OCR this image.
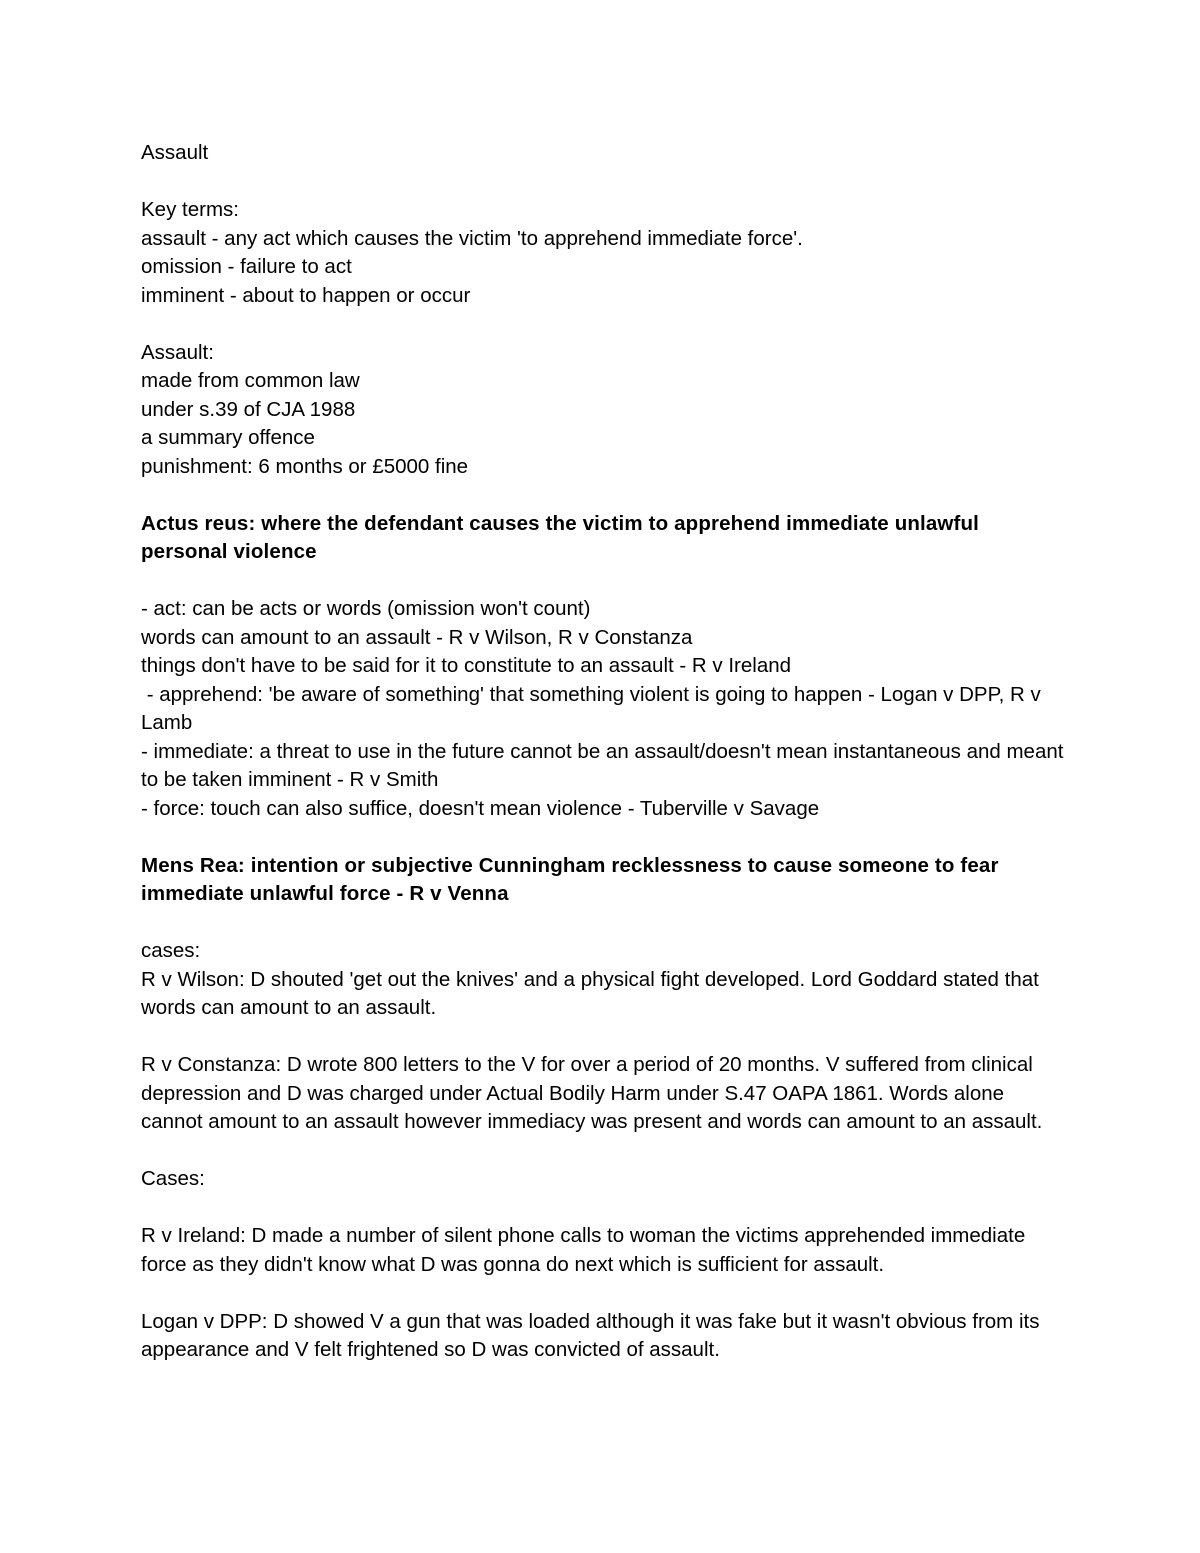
Assault

Key terms:

assault - any act which causes the victim 'to apprehend immediate force'.

omission - failure to act

imminent - about to happen or occur

Assault:

made from common law

under s.39 of CJA 1988

a summary offence

punishment: 6 months or £5000 fine

Actus reus: where the defendant causes the victim to apprehend immediate unlawful personal violence

- act: can be acts or words (omission won't count)

words can amount to an assault - R v Wilson, R v Constanza

things don't have to be said for it to constitute to an assault - R v Ireland

- apprehend: 'be aware of something' that something violent is going to happen - Logan v DPP, R v Lamb

- immediate: a threat to use in the future cannot be an assault/doesn't mean instantaneous and meant to be taken imminent - R v Smith

- force: touch can also suffice, doesn't mean violence - Tuberville v Savage

Mens Rea: intention or subjective Cunningham recklessness to cause someone to fear immediate unlawful force - R v Venna

cases:

R v Wilson: D shouted 'get out the knives' and a physical fight developed. Lord Goddard stated that words can amount to an assault.

R v Constanza: D wrote 800 letters to the V for over a period of 20 months. V suffered from clinical depression and D was charged under Actual Bodily Harm under S.47 OAPA 1861. Words alone cannot amount to an assault however immediacy was present and words can amount to an assault.

Cases:

R v Ireland: D made a number of silent phone calls to woman the victims apprehended immediate force as they didn't know what D was gonna do next which is sufficient for assault.

Logan v DPP: D showed V a gun that was loaded although it was fake but it wasn't obvious from its appearance and V felt frightened so D was convicted of assault.
